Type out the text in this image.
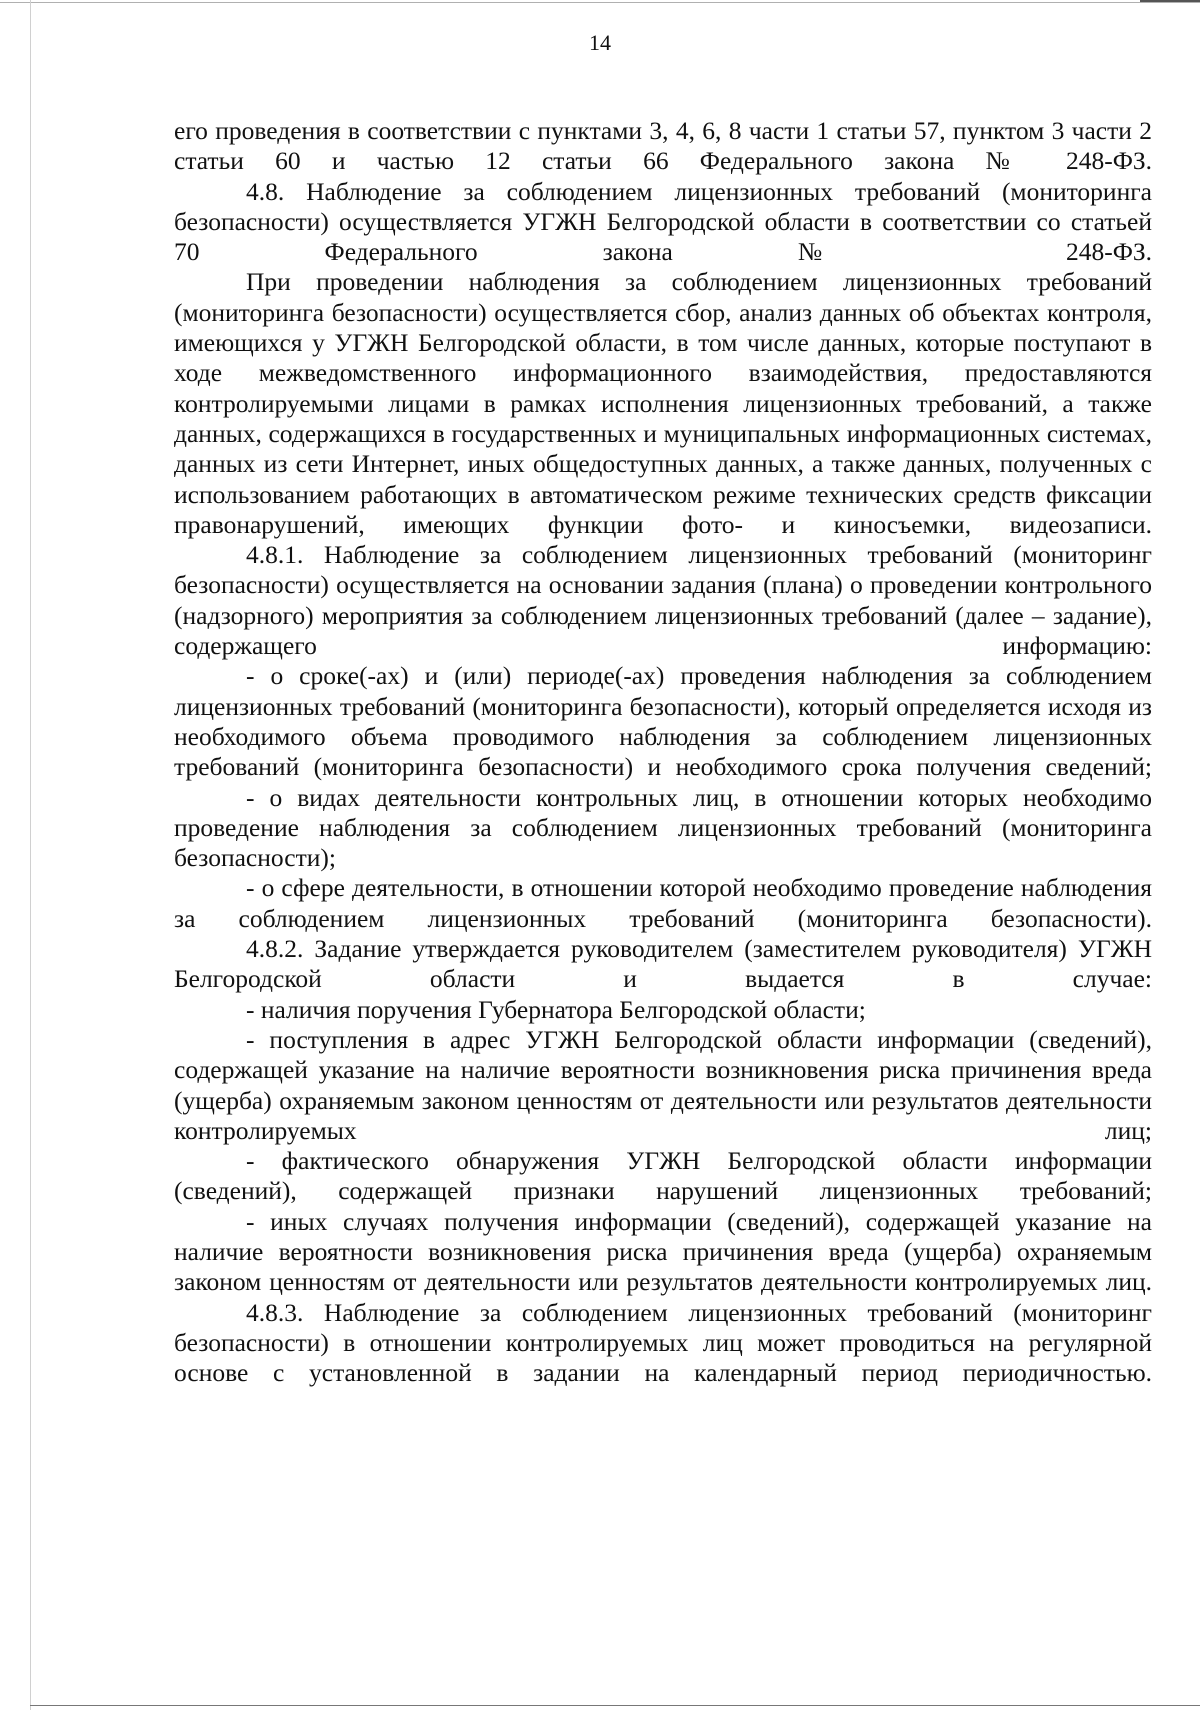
14

его проведения в соответствии с пунктами 3, 4, 6, 8 части 1 статьи 57, пунктом 3 части 2 статьи 60 и частью 12 статьи 66 Федерального закона № 248-ФЗ.

4.8. Наблюдение за соблюдением лицензионных требований (мониторинга безопасности) осуществляется УГЖН Белгородской области в соответствии со статьей 70 Федерального закона № 248-ФЗ.

При проведении наблюдения за соблюдением лицензионных требований (мониторинга безопасности) осуществляется сбор, анализ данных об объектах контроля, имеющихся у УГЖН Белгородской области, в том числе данных, которые поступают в ходе межведомственного информационного взаимодействия, предоставляются контролируемыми лицами в рамках исполнения лицензионных требований, а также данных, содержащихся в государственных и муниципальных информационных системах, данных из сети Интернет, иных общедоступных данных, а также данных, полученных с использованием работающих в автоматическом режиме технических средств фиксации правонарушений, имеющих функции фото- и киносъемки, видеозаписи.

4.8.1. Наблюдение за соблюдением лицензионных требований (мониторинг безопасности) осуществляется на основании задания (плана) о проведении контрольного (надзорного) мероприятия за соблюдением лицензионных требований (далее – задание), содержащего информацию:

- о сроке(-ах) и (или) периоде(-ах) проведения наблюдения за соблюдением лицензионных требований (мониторинга безопасности), который определяется исходя из необходимого объема проводимого наблюдения за соблюдением лицензионных требований (мониторинга безопасности) и необходимого срока получения сведений;

- о видах деятельности контрольных лиц, в отношении которых необходимо проведение наблюдения за соблюдением лицензионных требований (мониторинга безопасности);

- о сфере деятельности, в отношении которой необходимо проведение наблюдения за соблюдением лицензионных требований (мониторинга безопасности).

4.8.2. Задание утверждается руководителем (заместителем руководителя) УГЖН Белгородской области и выдается в случае:

- наличия поручения Губернатора Белгородской области;

- поступления в адрес УГЖН Белгородской области информации (сведений), содержащей указание на наличие вероятности возникновения риска причинения вреда (ущерба) охраняемым законом ценностям от деятельности или результатов деятельности контролируемых лиц;

- фактического обнаружения УГЖН Белгородской области информации (сведений), содержащей признаки нарушений лицензионных требований;

- иных случаях получения информации (сведений), содержащей указание на наличие вероятности возникновения риска причинения вреда (ущерба) охраняемым законом ценностям от деятельности или результатов деятельности контролируемых лиц.

4.8.3. Наблюдение за соблюдением лицензионных требований (мониторинг безопасности) в отношении контролируемых лиц может проводиться на регулярной основе с установленной в задании на календарный период периодичностью.
